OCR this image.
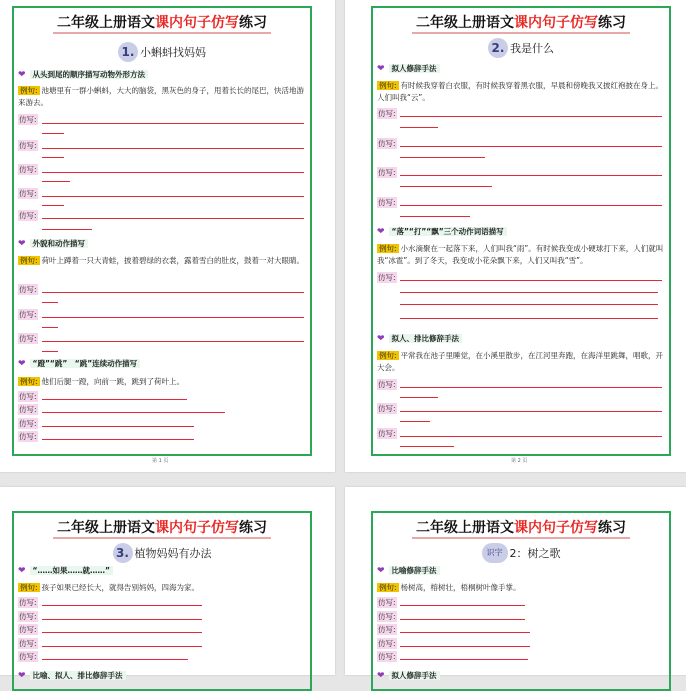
二年级上册语文课内句子仿写练习
1. 小蝌蚪找妈妈
❤ 从头到尾的顺序描写动物外形方法
例句: 池塘里有一群小蝌蚪，大大的脑袋，黑灰色的身子，甩着长长的尾巴，快活地游来游去。
仿写:
仿写:
仿写:
仿写:
仿写:
❤ 外貌和动作描写
例句: 荷叶上蹲着一只大青蛙，披着碧绿的衣裳，露着雪白的肚皮，鼓着一对大眼睛。
仿写:
仿写:
仿写:
❤ “蹬”“跳”　“跳”连续动作描写
例句: 他们后腿一蹬，向前一跳，跳到了荷叶上。
仿写:
仿写:
仿写:
仿写:
第 1 页
二年级上册语文课内句子仿写练习
2. 我是什么
❤ 拟人修辞手法
例句: 有时候我穿着白衣服，有时候我穿着黑衣服，早晨和傍晚我又披红袍披在身上。人们叫我“云”。
仿写:
仿写:
仿写:
仿写:
❤ “落”“打”“飘”三个动作词语描写
例句: 小水滴聚在一起落下来，人们叫我“雨”。有时候我变成小硬球打下来，人们就叫我“冰雹”。到了冬天，我变成小花朵飘下来，人们又叫我“雪”。
仿写:
❤ 拟人、排比修辞手法
例句: 平常我在池子里睡觉，在小溪里散步，在江河里奔跑，在海洋里跳舞，唱歌，开大会。
仿写:
仿写:
仿写:
第 2 页
二年级上册语文课内句子仿写练习
3. 植物妈妈有办法
❤ “……如果……就……”
例句: 孩子如果已经长大，就得告别妈妈，四海为家。
仿写:
仿写:
仿写:
仿写:
仿写:
❤ 比喻、拟人、排比修辞手法
二年级上册语文课内句子仿写练习
识字 2：树之歌
❤ 比喻修辞手法
例句: 杨树高，榕树壮，梧桐树叶像手掌。
仿写:
仿写:
仿写:
仿写:
仿写:
❤ 拟人修辞手法
